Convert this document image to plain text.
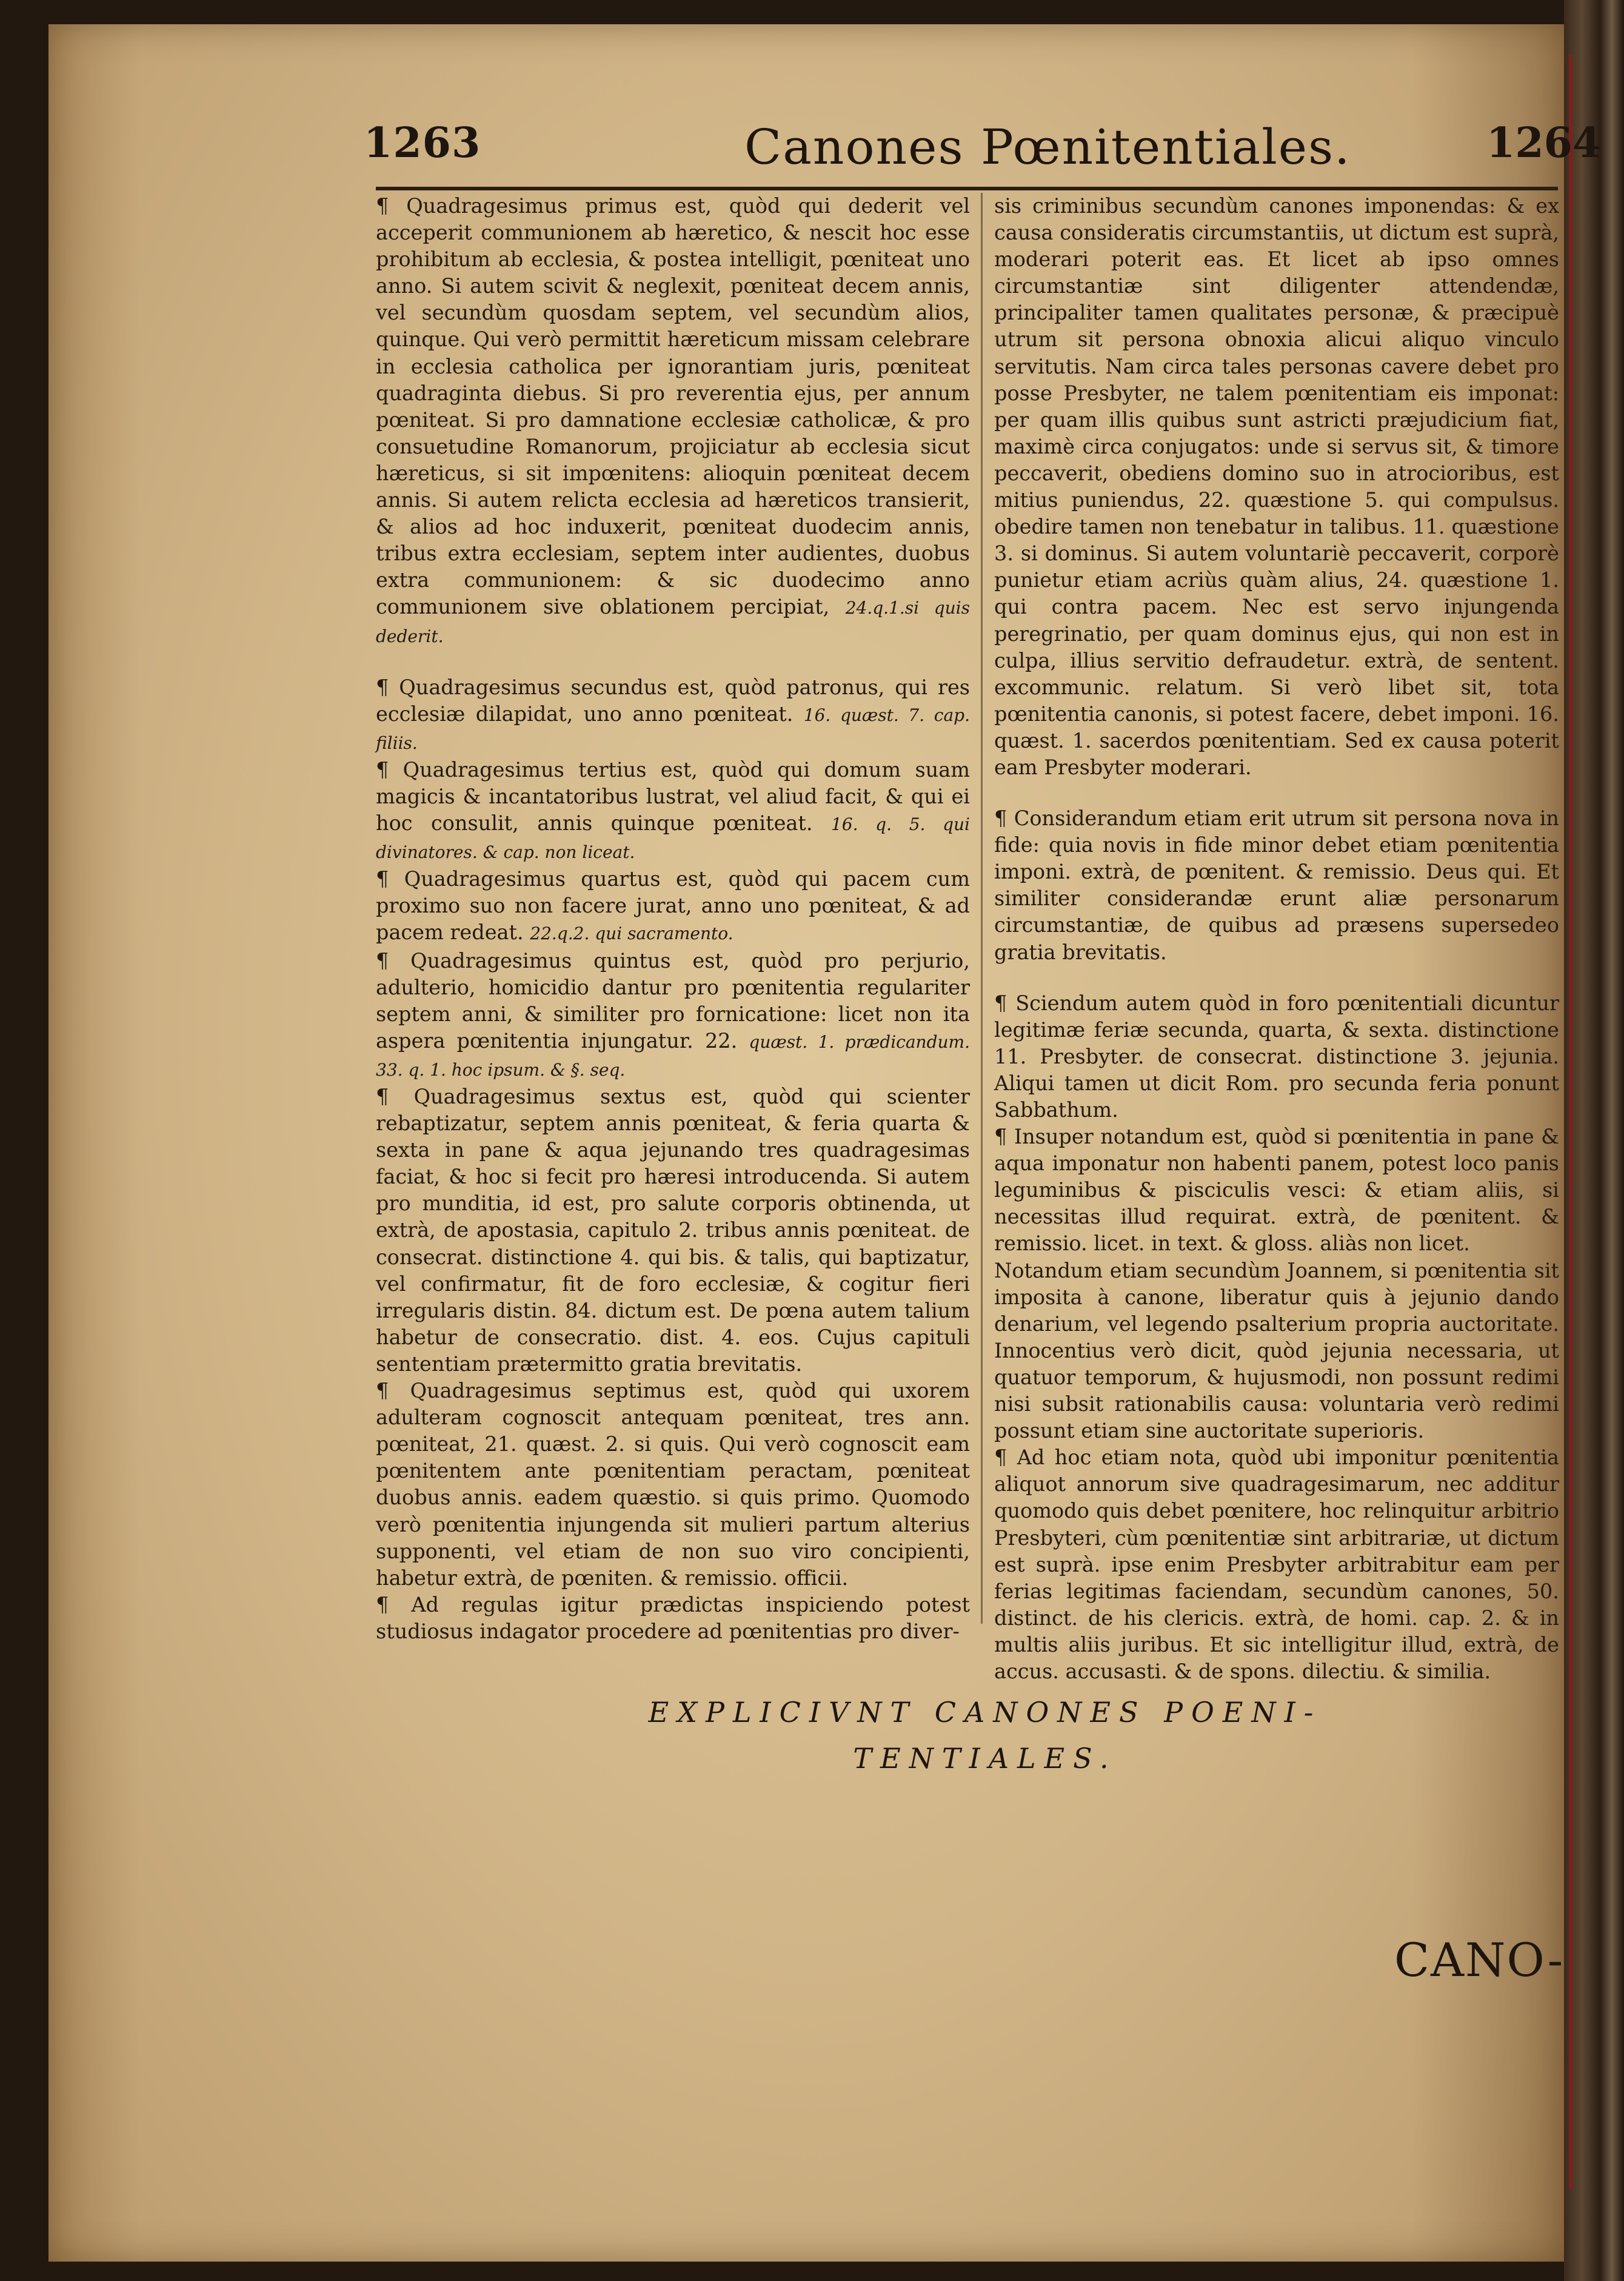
1263	Canones Pœnitentiales.	1264

¶ Quadragesimus primus est, quòd qui dederit vel acceperit communionem ab hæretico, & nescit hoc esse prohibitum ab ecclesia, & postea intelligit, pœniteat uno anno. Si autem scivit & neglexit, pœniteat decem annis, vel secundùm quosdam septem, vel secundùm alios, quinque. Qui verò permittit hæreticum missam celebrare in ecclesia catholica per ignorantiam juris, pœniteat quadraginta diebus. Si pro reverentia ejus, per annum pœniteat. Si pro damnatione ecclesiæ catholicæ, & pro consuetudine Romanorum, projiciatur ab ecclesia sicut hæreticus, si sit impœnitens: alioquin pœniteat decem annis. Si autem relicta ecclesia ad hæreticos transierit, & alios ad hoc induxerit, pœniteat duodecim annis, tribus extra ecclesiam, septem inter audientes, duobus extra communionem: & sic duodecimo anno communionem sive oblationem percipiat, 24.q.1.si quis dederit.

¶ Quadragesimus secundus est, quòd patronus, qui res ecclesiæ dilapidat, uno anno pœniteat. 16. quæst. 7. cap. filiis.

¶ Quadragesimus tertius est, quòd qui domum suam magicis & incantatoribus lustrat, vel aliud facit, & qui ei hoc consulit, annis quinque pœniteat. 16. q. 5. qui divinatores. & cap. non liceat.

¶ Quadragesimus quartus est, quòd qui pacem cum proximo suo non facere jurat, anno uno pœniteat, & ad pacem redeat. 22.q.2. qui sacramento.

¶ Quadragesimus quintus est, quòd pro perjurio, adulterio, homicidio dantur pro pœnitentia regulariter septem anni, & similiter pro fornicatione: licet non ita aspera pœnitentia injungatur. 22. quæst. 1. prædicandum. 33. q. 1. hoc ipsum. & §. seq.

¶ Quadragesimus sextus est, quòd qui scienter rebaptizatur, septem annis pœniteat, & feria quarta & sexta in pane & aqua jejunando tres quadragesimas faciat, & hoc si fecit pro hæresi introducenda. Si autem pro munditia, id est, pro salute corporis obtinenda, ut extrà, de apostasia, capitulo 2. tribus annis pœniteat. de consecrat. distinctione 4. qui bis. & talis, qui baptizatur, vel confirmatur, fit de foro ecclesiæ, & cogitur fieri irregularis distin. 84. dictum est. De pœna autem talium habetur de consecratio. dist. 4. eos. Cujus capituli sententiam prætermitto gratia brevitatis.

¶ Quadragesimus septimus est, quòd qui uxorem adulteram cognoscit antequam pœniteat, tres ann. pœniteat, 21. quæst. 2. si quis. Qui verò cognoscit eam pœnitentem ante pœnitentiam peractam, pœniteat duobus annis. eadem quæstio. si quis primo. Quomodo verò pœnitentia injungenda sit mulieri partum alterius supponenti, vel etiam de non suo viro concipienti, habetur extrà, de pœniten. & remissio. officii.

¶ Ad regulas igitur prædictas inspiciendo potest studiosus indagator procedere ad pœnitentias pro diver-

sis criminibus secundùm canones imponendas: & ex causa consideratis circumstantiis, ut dictum est suprà, moderari poterit eas. Et licet ab ipso omnes circumstantiæ sint diligenter attendendæ, principaliter tamen qualitates personæ, & præcipuè utrum sit persona obnoxia alicui aliquo vinculo servitutis. Nam circa tales personas cavere debet pro posse Presbyter, ne talem pœnitentiam eis imponat: per quam illis quibus sunt astricti præjudicium fiat, maximè circa conjugatos: unde si servus sit, & timore peccaverit, obediens domino suo in atrocioribus, est mitius puniendus, 22. quæstione 5. qui compulsus. obedire tamen non tenebatur in talibus. 11. quæstione 3. si dominus. Si autem voluntariè peccaverit, corporè punietur etiam acriùs quàm alius, 24. quæstione 1. qui contra pacem. Nec est servo injungenda peregrinatio, per quam dominus ejus, qui non est in culpa, illius servitio defraudetur. extrà, de sentent. excommunic. relatum. Si verò libet sit, tota pœnitentia canonis, si potest facere, debet imponi. 16. quæst. 1. sacerdos pœnitentiam. Sed ex causa poterit eam Presbyter moderari.

¶ Considerandum etiam erit utrum sit persona nova in fide: quia novis in fide minor debet etiam pœnitentia imponi. extrà, de pœnitent. & remissio. Deus qui. Et similiter considerandæ erunt aliæ personarum circumstantiæ, de quibus ad præsens supersedeo gratia brevitatis.

¶ Sciendum autem quòd in foro pœnitentiali dicuntur legitimæ feriæ secunda, quarta, & sexta. distinctione 11. Presbyter. de consecrat. distinctione 3. jejunia. Aliqui tamen ut dicit Rom. pro secunda feria ponunt Sabbathum.

¶ Insuper notandum est, quòd si pœnitentia in pane & aqua imponatur non habenti panem, potest loco panis leguminibus & pisciculis vesci: & etiam aliis, si necessitas illud requirat. extrà, de pœnitent. & remissio. licet. in text. & gloss. aliàs non licet.

Notandum etiam secundùm Joannem, si pœnitentia sit imposita à canone, liberatur quis à jejunio dando denarium, vel legendo psalterium propria auctoritate. Innocentius verò dicit, quòd jejunia necessaria, ut quatuor temporum, & hujusmodi, non possunt redimi nisi subsit rationabilis causa: voluntaria verò redimi possunt etiam sine auctoritate superioris.

¶ Ad hoc etiam nota, quòd ubi imponitur pœnitentia aliquot annorum sive quadragesimarum, nec additur quomodo quis debet pœnitere, hoc relinquitur arbitrio Presbyteri, cùm pœnitentiæ sint arbitrariæ, ut dictum est suprà. ipse enim Presbyter arbitrabitur eam per ferias legitimas faciendam, secundùm canones, 50. distinct. de his clericis. extrà, de homi. cap. 2. & in multis aliis juribus. Et sic intelligitur illud, extrà, de accus. accusasti. & de spons. dilectiu. & similia.

EXPLICIVNT CANONES POENI-
TENTIALES.
CANO-
